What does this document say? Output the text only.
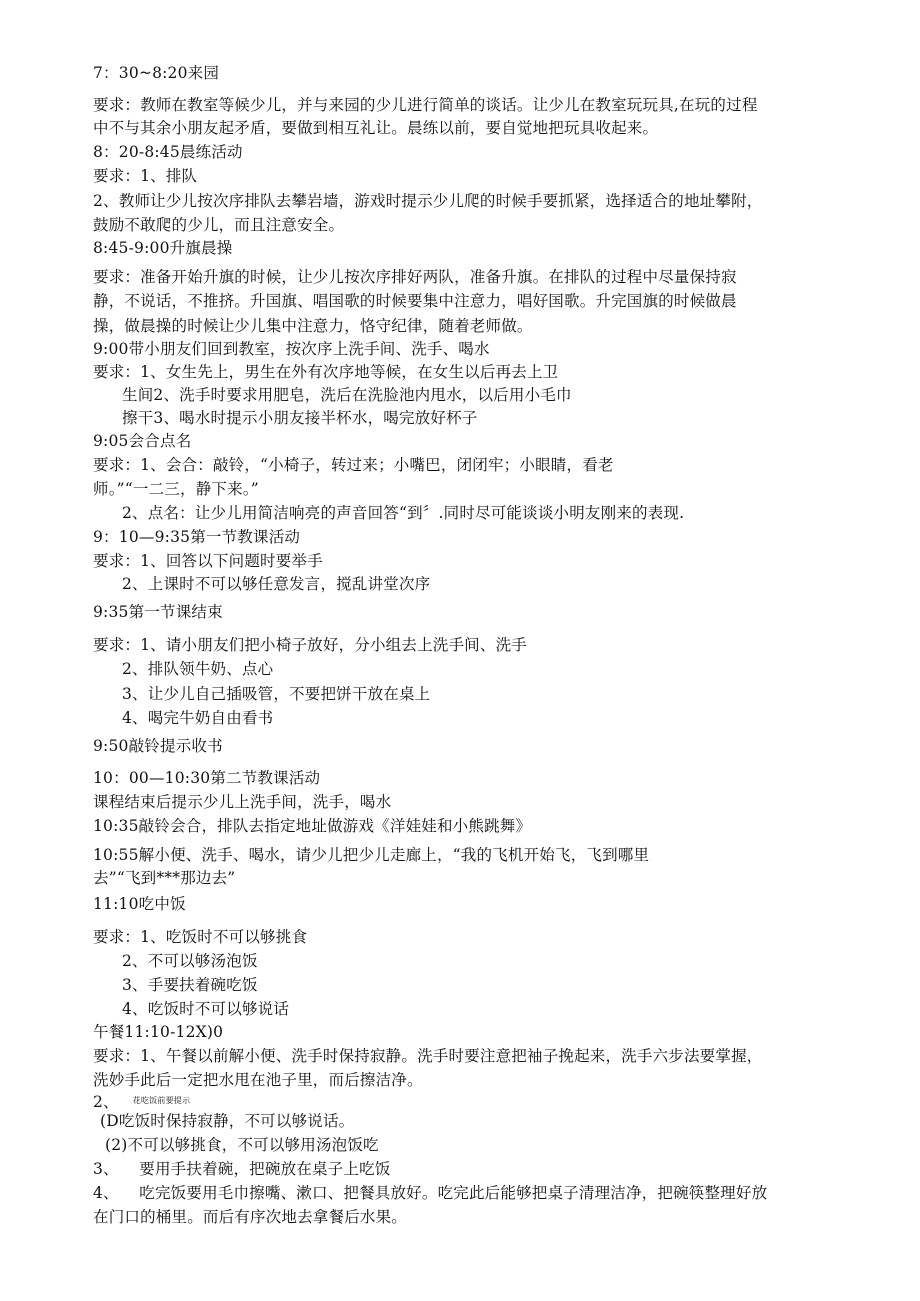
7：30~8:20来园
要求：教师在教室等候少儿，并与来园的少儿进行简单的谈话。让少儿在教室玩玩具,在玩的过程
中不与其余小朋友起矛盾，要做到相互礼让。晨练以前，要自觉地把玩具收起来。
8：20-8:45晨练活动
要求：1、排队
2、教师让少儿按次序排队去攀岩墙，游戏时提示少儿爬的时候手要抓紧，选择适合的地址攀附，
鼓励不敢爬的少儿，而且注意安全。
8:45-9:00升旗晨操
要求：准备开始升旗的时候，让少儿按次序排好两队，准备升旗。在排队的过程中尽量保持寂
静，不说话，不推挤。升国旗、唱国歌的时候要集中注意力，唱好国歌。升完国旗的时候做晨
操，做晨操的时候让少儿集中注意力，恪守纪律，随着老师做。
9:00带小朋友们回到教室，按次序上洗手间、洗手、喝水
要求：1、女生先上，男生在外有次序地等候，在女生以后再去上卫
生间2、洗手时要求用肥皂，洗后在洗脸池内甩水，以后用小毛巾
擦干3、喝水时提示小朋友接半杯水，喝完放好杯子
9:05会合点名
要求：1、会合：敲铃，“小椅子，转过来；小嘴巴，闭闭牢；小眼睛，看老
师。”“一二三，静下来。”
2、点名：让少儿用简洁响亮的声音回答“到〞.同时尽可能谈谈小明友刚来的表现.
9：10—9:35第一节教课活动
要求：1、回答以下问题时要举手
2、上课时不可以够任意发言，搅乱讲堂次序
9:35第一节课结束
要求：1、请小朋友们把小椅子放好，分小组去上洗手间、洗手
2、排队领牛奶、点心
3、让少儿自己插吸管，不要把饼干放在桌上
4、喝完牛奶自由看书
9:50敲铃提示收书
10：00—10:30第二节教课活动
课程结束后提示少儿上洗手间，洗手，喝水
10:35敲铃会合，排队去指定地址做游戏《洋娃娃和小熊跳舞》
10:55解小便、洗手、喝水，请少儿把少儿走廊上，“我的飞机开始飞，飞到哪里
去”“飞到***那边去”
11:10吃中饭
要求：1、吃饭时不可以够挑食
2、不可以够汤泡饭
3、手要扶着碗吃饭
4、吃饭时不可以够说话
午餐11:10-12X)0
要求：1、午餐以前解小便、洗手时保持寂静。洗手时要注意把袖子挽起来，洗手六步法要掌握，
洗妙手此后一定把水甩在池子里，而后擦洁净。
2、 $^{花吃饭前要提示}$
(D吃饭时保持寂静，不可以够说话。
(2)不可以够挑食，不可以够用汤泡饭吃
3、    要用手扶着碗，把碗放在桌子上吃饭
4、    吃完饭要用毛巾擦嘴、漱口、把餐具放好。吃完此后能够把桌子清理洁净，把碗筷整理好放
在门口的桶里。而后有序次地去拿餐后水果。
